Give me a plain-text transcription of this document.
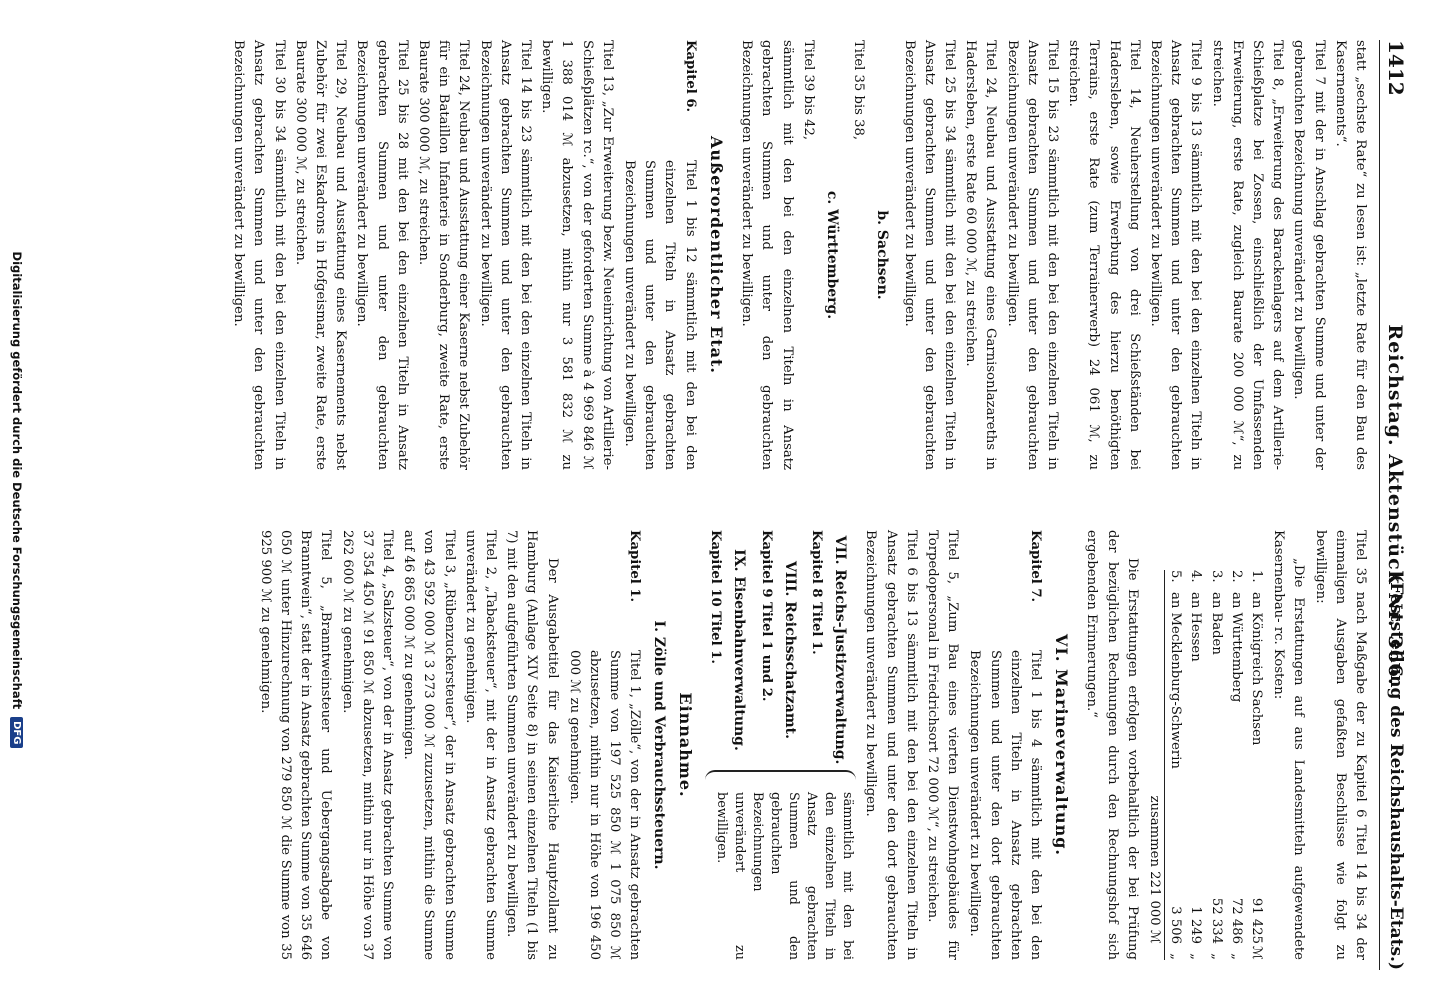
1412
Reichstag. Aktenstück Nr. 366.
(Feststellung des Reichshaushalts-Etats.)

statt „sechste Rate“ zu lesen ist: „letzte Rate für den Bau des Kasernements“.

Titel 7 mit der in Anschlag gebrachten Summe und unter der gebrauchten Bezeichnung unverändert zu bewilligen.

Titel 8, „Erweiterung des Barackenlagers auf dem Artillerie-Schießplatze bei Zossen, einschließlich der Umfassenden Erweiterung, erste Rate, zugleich Baurate 200 000 ℳ“, zu streichen.

Titel 9 bis 13 sämmtlich mit den bei den einzelnen Titeln in Ansatz gebrachten Summen und unter den gebrauchten Bezeichnungen unverändert zu bewilligen.

Titel 14, Neuherstellung von drei Schießständen bei Hadersleben, sowie Erwerbung des hierzu benöthigten Terrains, erste Rate (zum Terrainerwerb) 24 061 ℳ, zu streichen.

Titel 15 bis 23 sämmtlich mit den bei den einzelnen Titeln in Ansatz gebrachten Summen und unter den gebrauchten Bezeichnungen unverändert zu bewilligen.

Titel 24, Neubau und Ausstattung eines Garnisonlazareths in Hadersleben, erste Rate 60 000 ℳ, zu streichen.

Titel 25 bis 34 sämmtlich mit den bei den einzelnen Titeln in Ansatz gebrachten Summen und unter den gebrauchten Bezeichnungen unverändert zu bewilligen.

b. Sachsen.

Titel 35 bis 38,

c. Württemberg.

Titel 39 bis 42,

sämmtlich mit den bei den einzelnen Titeln in Ansatz gebrachten Summen und unter den gebrauchten Bezeichnungen unverändert zu bewilligen.

Außerordentlicher Etat.
Kapitel 6.
Titel 1 bis 12 sämmtlich mit den bei den einzelnen Titeln in Ansatz gebrachten Summen und unter den gebrauchten Bezeichnungen unverändert zu bewilligen.

Titel 13, „Zur Erweiterung bezw. Neueinrichtung von Artillerie-Schießplätzen rc.“, von der geforderten Summe à 4 969 846 ℳ 1 388 014 ℳ abzusetzen, mithin nur 3 581 832 ℳ zu bewilligen.

Titel 14 bis 23 sämmtlich mit den bei den einzelnen Titeln in Ansatz gebrachten Summen und unter den gebrauchten Bezeichnungen unverändert zu bewilligen.

Titel 24, Neubau und Ausstattung einer Kaserne nebst Zubehör für ein Bataillon Infanterie in Sonderburg, zweite Rate, erste Baurate 300 000 ℳ, zu streichen.

Titel 25 bis 28 mit den bei den einzelnen Titeln in Ansatz gebrachten Summen und unter den gebrauchten Bezeichnungen unverändert zu bewilligen.

Titel 29, Neubau und Ausstattung eines Kasernements nebst Zubehör für zwei Eskadrons in Hofgeismar, zweite Rate, erste Baurate 300 000 ℳ, zu streichen.

Titel 30 bis 34 sämmtlich mit den bei den einzelnen Titeln in Ansatz gebrachten Summen und unter den gebrauchten Bezeichnungen unverändert zu bewilligen.

Titel 35 nach Maßgabe der zu Kapitel 6 Titel 14 bis 34 der einmaligen Ausgaben gefaßten Beschlüsse wie folgt zu bewilligen:

„Die Erstattungen auf aus Landesmitteln aufgewendete Kasernenbau- rc. Kosten:

1.
an Königreich Sachsen
91 425
ℳ
2.
an Württemberg
72 486
„
3.
an Baden
52 334
„
4.
an Hessen
1 249
„
5.
an Mecklenburg-Schwerin
3 506
„
zusammen 221 000 ℳ

Die Erstattungen erfolgen vorbehaltlich der bei Prüfung der bezüglichen Rechnungen durch den Rechnungshof sich ergebenden Erinnerungen.“

VI. Marineverwaltung.
Kapitel 7.
Titel 1 bis 4 sämmtlich mit den bei den einzelnen Titeln in Ansatz gebrachten Summen und unter den dort gebrauchten Bezeichnungen unverändert zu bewilligen.

Titel 5, „Zum Bau eines vierten Dienstwohngebäudes für Torpedopersonal in Friedrichsort 72 000 ℳ“, zu streichen.

Titel 6 bis 13 sämmtlich mit den bei den einzelnen Titeln in Ansatz gebrachten Summen und unter den dort gebrauchten Bezeichnungen unverändert zu bewilligen.

VII. Reichs-Justizverwaltung.
Kapitel 8 Titel 1.
VIII. Reichsschatzamt.
Kapitel 9 Titel 1 und 2.
IX. Eisenbahnverwaltung.
Kapitel 10 Titel 1.
sämmtlich mit den bei den einzelnen Titeln in Ansatz gebrachten Summen und den gebrauchten Bezeichnungen unverändert zu bewilligen.
Einnahme.
I. Zölle und Verbrauchssteuern.
Kapitel 1.
Titel 1, „Zölle“, von der in Ansatz gebrachten Summe von 197 525 850 ℳ 1 075 850 ℳ abzusetzen, mithin nur in Höhe von 196 450 000 ℳ zu genehmigen.

Der Ausgabetitel für das Kaiserliche Hauptzollamt zu Hamburg (Anlage XIV Seite 8) in seinen einzelnen Titeln (1 bis 7) mit den aufgeführten Summen unverändert zu bewilligen.

Titel 2, „Tabacksteuer“, mit der in Ansatz gebrachten Summe unverändert zu genehmigen.

Titel 3, „Rübenzuckersteuer“, der in Ansatz gebrachten Summe von 43 592 000 ℳ 3 273 000 ℳ zuzusetzen, mithin die Summe auf 46 865 000 ℳ zu genehmigen.

Titel 4, „Salzsteuer“, von der in Ansatz gebrachten Summe von 37 354 450 ℳ 91 850 ℳ abzusetzen, mithin nur in Höhe von 37 262 600 ℳ zu genehmigen.

Titel 5, „Branntweinsteuer und Uebergangsabgabe von Branntwein“, statt der in Ansatz gebrachten Summe von 35 646 050 ℳ unter Hinzurechnung von 279 850 ℳ die Summe von 35 925 900 ℳ zu genehmigen.

Digitalisierung gefördert durch die Deutsche Forschungsgemeinschaft
DFG
